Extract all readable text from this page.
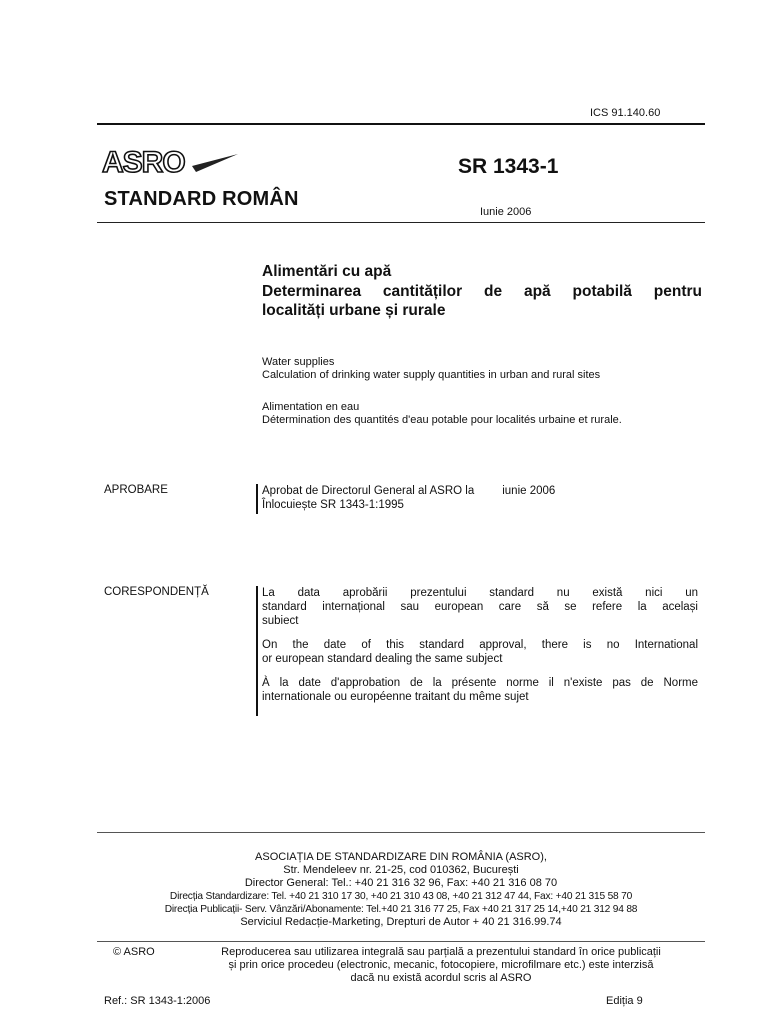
ICS 91.140.60
ASRO	SR 1343-1
STANDARD ROMÂN
Iunie 2006
Alimentări cu apă
Determinarea cantităților de apă potabilă pentru
localități urbane și rurale
Water supplies
Calculation of drinking water supply quantities in urban and rural sites
Alimentation en eau
Détermination des quantités d'eau potable pour localités urbaine et rurale.
APROBARE	Aprobat de Directorul General al ASRO la iunie 2006
Înlocuiește SR 1343-1:1995
CORESPONDENȚĂ	La data aprobării prezentului standard nu există nici un
standard internațional sau european care să se refere la același
subiect
On the date of this standard approval, there is no International
or european standard dealing the same subject
À la date d'approbation de la présente norme il n'existe pas de Norme
internationale ou européenne traitant du même sujet
ASOCIAȚIA DE STANDARDIZARE DIN ROMÂNIA (ASRO),
Str. Mendeleev nr. 21-25, cod 010362, București
Director General: Tel.: +40 21 316 32 96, Fax: +40 21 316 08 70
Direcția Standardizare: Tel. +40 21 310 17 30, +40 21 310 43 08, +40 21 312 47 44, Fax: +40 21 315 58 70
Direcția Publicații- Serv. Vânzări/Abonamente: Tel.+40 21 316 77 25, Fax +40 21 317 25 14,+40 21 312 94 88
Serviciul Redacție-Marketing, Drepturi de Autor + 40 21 316.99.74
© ASRO	Reproducerea sau utilizarea integrală sau parțială a prezentului standard în orice publicații
și prin orice procedeu (electronic, mecanic, fotocopiere, microfilmare etc.) este interzisă
dacă nu există acordul scris al ASRO
Ref.: SR 1343-1:2006	Ediția 9
